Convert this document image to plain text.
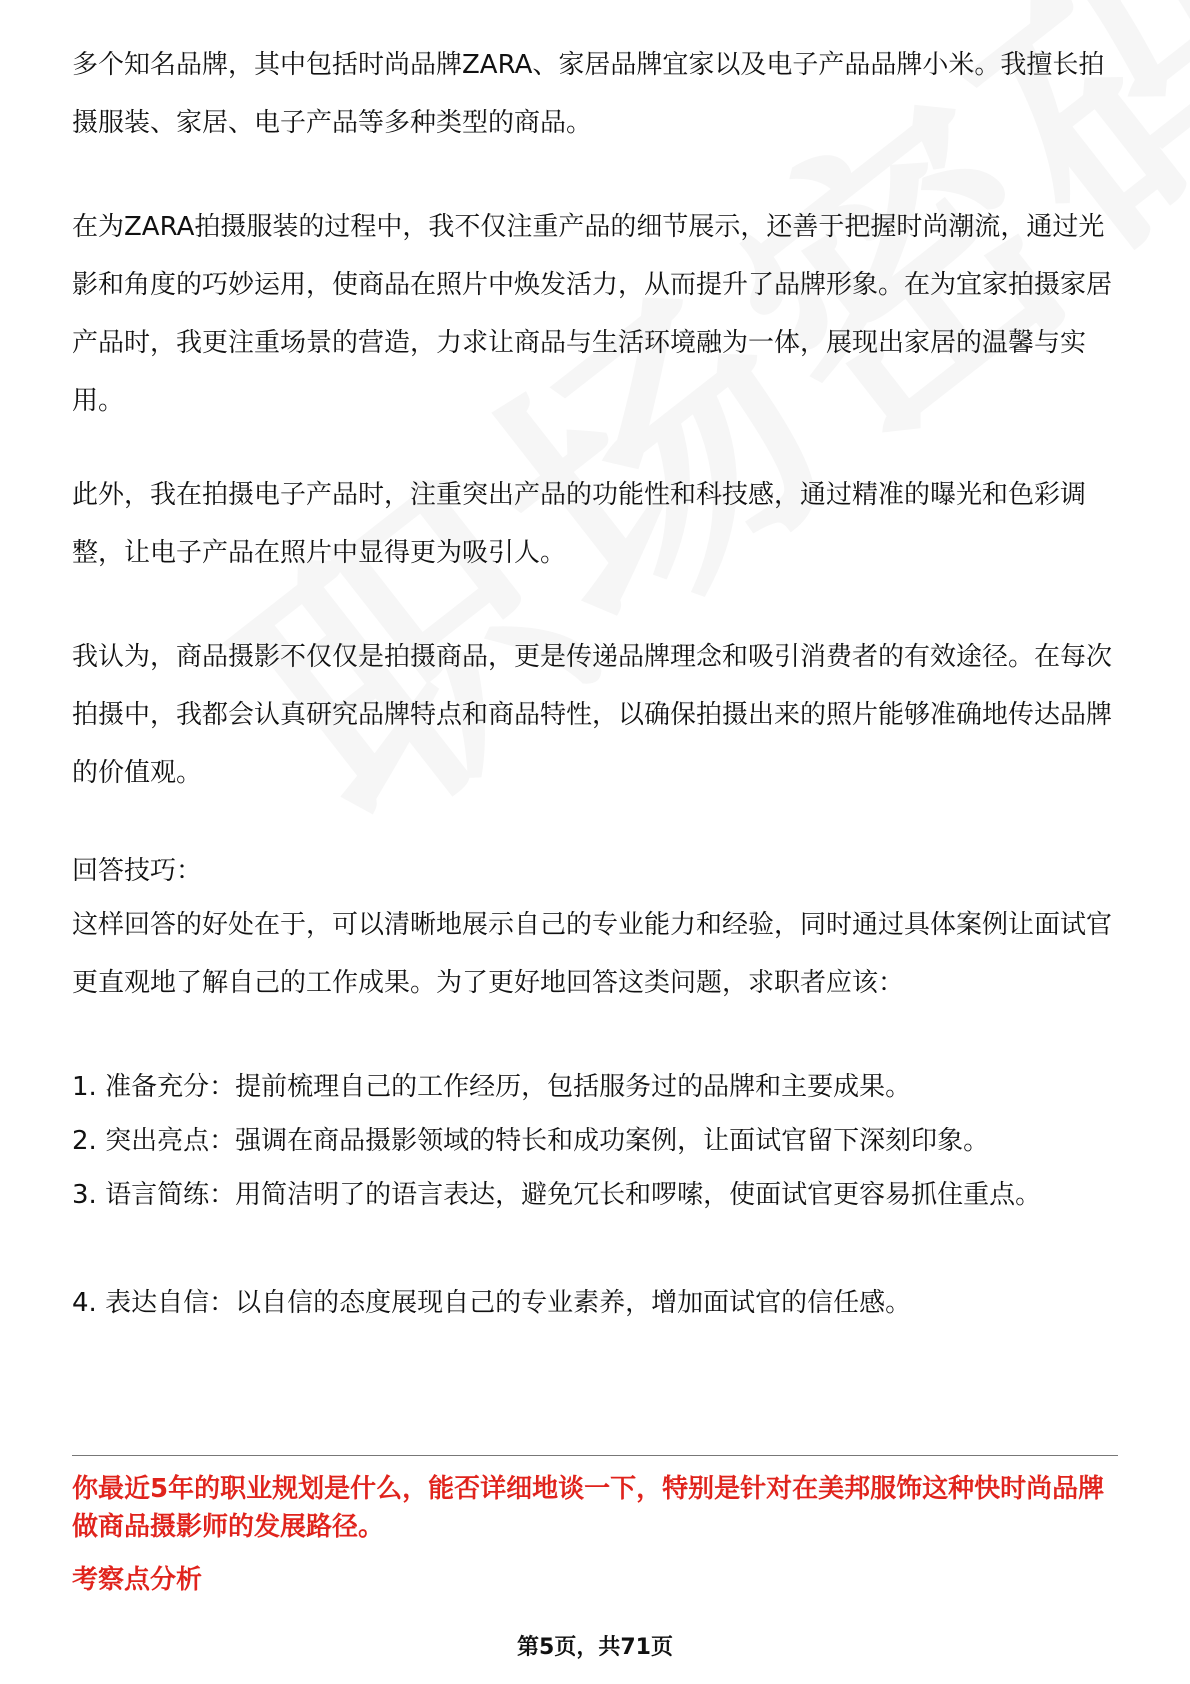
多个知名品牌，其中包括时尚品牌ZARA、家居品牌宜家以及电子产品品牌小米。我擅长拍摄服装、家居、电子产品等多种类型的商品。

在为ZARA拍摄服装的过程中，我不仅注重产品的细节展示，还善于把握时尚潮流，通过光影和角度的巧妙运用，使商品在照片中焕发活力，从而提升了品牌形象。在为宜家拍摄家居产品时，我更注重场景的营造，力求让商品与生活环境融为一体，展现出家居的温馨与实用。

此外，我在拍摄电子产品时，注重突出产品的功能性和科技感，通过精准的曝光和色彩调整，让电子产品在照片中显得更为吸引人。

我认为，商品摄影不仅仅是拍摄商品，更是传递品牌理念和吸引消费者的有效途径。在每次拍摄中，我都会认真研究品牌特点和商品特性，以确保拍摄出来的照片能够准确地传达品牌的价值观。

回答技巧：

这样回答的好处在于，可以清晰地展示自己的专业能力和经验，同时通过具体案例让面试官更直观地了解自己的工作成果。为了更好地回答这类问题，求职者应该：

1. 准备充分：提前梳理自己的工作经历，包括服务过的品牌和主要成果。

2. 突出亮点：强调在商品摄影领域的特长和成功案例，让面试官留下深刻印象。

3. 语言简练：用简洁明了的语言表达，避免冗长和啰嗦，使面试官更容易抓住重点。

4. 表达自信：以自信的态度展现自己的专业素养，增加面试官的信任感。

你最近5年的职业规划是什么，能否详细地谈一下，特别是针对在美邦服饰这种快时尚品牌做商品摄影师的发展路径。

考察点分析

第5页，共71页
